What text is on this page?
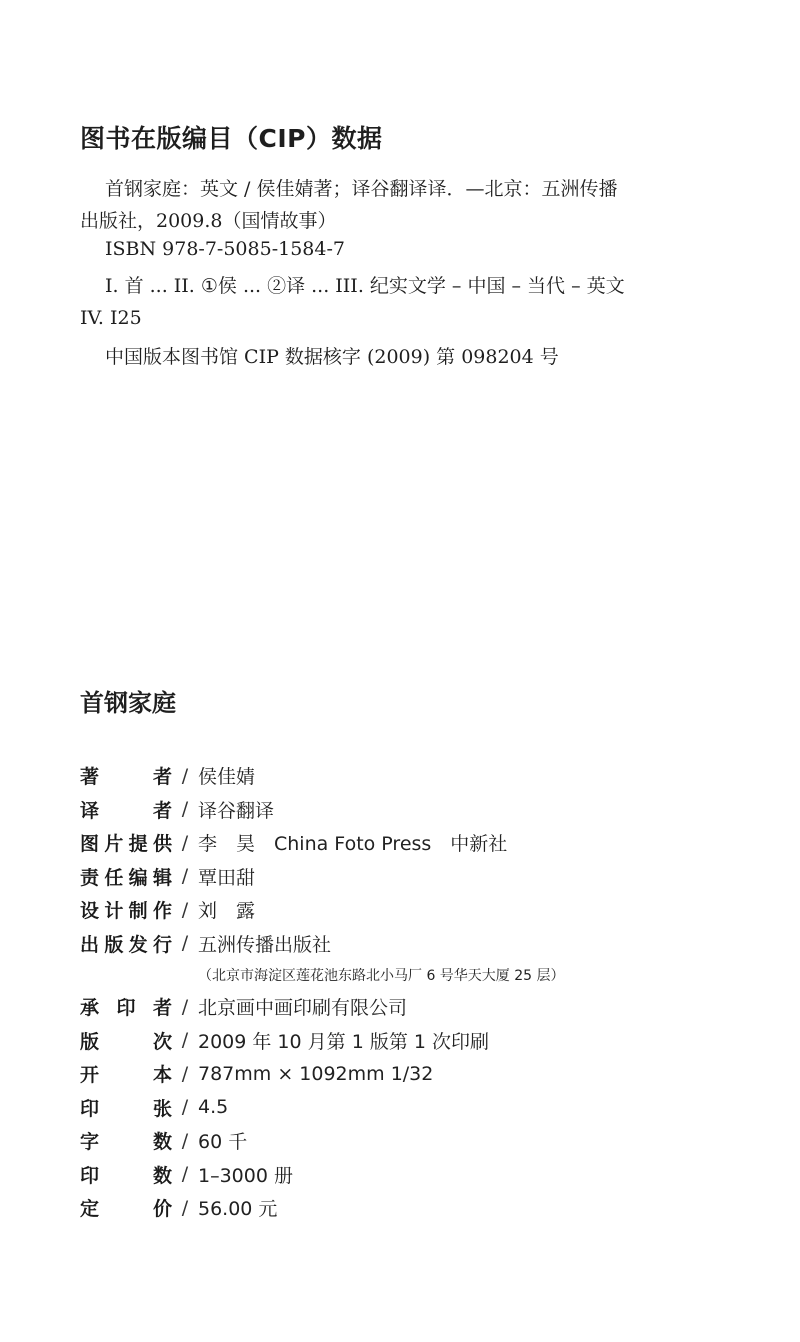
图书在版编目（CIP）数据
首钢家庭：英文 / 侯佳婧著；译谷翻译译．—北京：五洲传播
出版社，2009.8（国情故事）
ISBN 978-7-5085-1584-7
I. 首 ... II. ①侯 ... ②译 ... III. 纪实文学 – 中国 – 当代 – 英文
IV. I25
中国版本图书馆 CIP 数据核字 (2009) 第 098204 号
首钢家庭
著 者 / 侯佳婧
译 者 / 译谷翻译
图片提供 / 李　昊　China Foto Press　中新社
责任编辑 / 覃田甜
设计制作 / 刘　露
出版发行 / 五洲传播出版社
（北京市海淀区莲花池东路北小马厂 6 号华天大厦 25 层）
承印者 / 北京画中画印刷有限公司
版 次 / 2009 年 10 月第 1 版第 1 次印刷
开 本 / 787mm × 1092mm 1/32
印 张 / 4.5
字 数 / 60 千
印 数 / 1–3000 册
定 价 / 56.00 元
